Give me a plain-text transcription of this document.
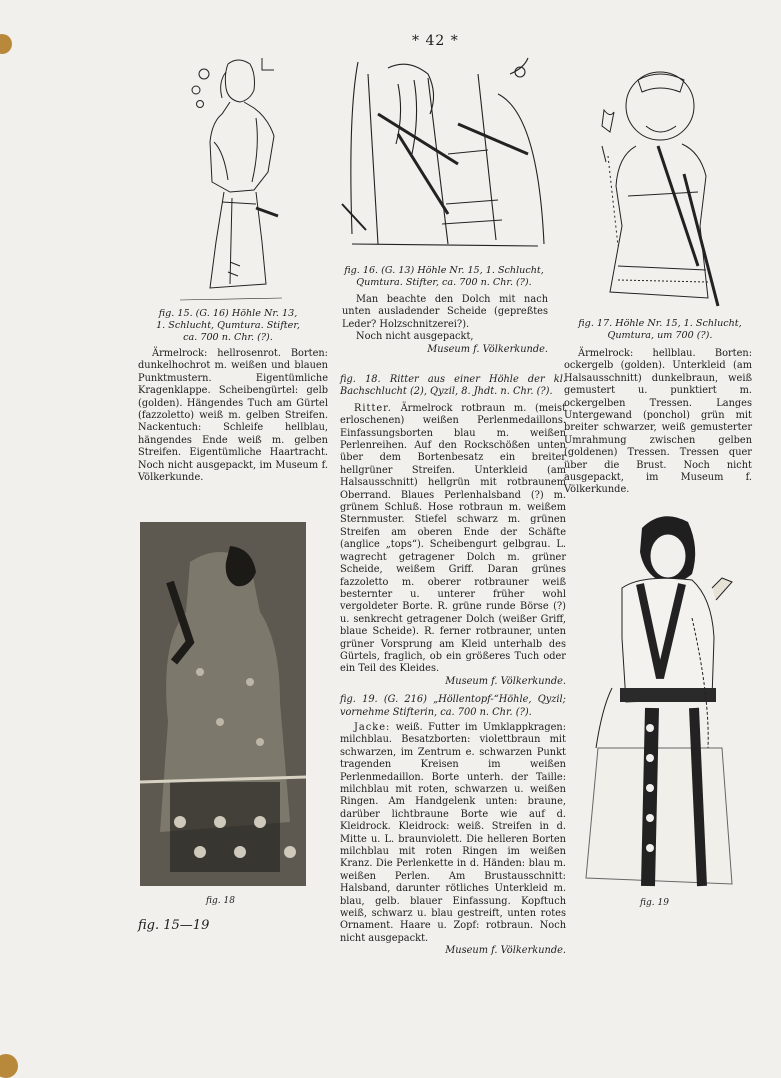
* 42 *
fig. 15. (G. 16) Höhle Nr. 13,
1. Schlucht, Qumtura. Stifter,
ca. 700 n. Chr. (?).

Ärmelrock: hellrosenrot. Borten: dunkelhochrot m. weißen und blauen Punktmustern. Eigentümliche Kragenklappe. Scheibengürtel: gelb (golden). Hängendes Tuch am Gürtel (fazzoletto) weiß m. gelben Streifen. Nackentuch: Schleife hellblau, hängendes Ende weiß m. gelben Streifen. Eigentümliche Haartracht. Noch nicht ausgepackt, im Museum f. Völkerkunde.

fig. 16. (G. 13) Höhle Nr. 15, 1. Schlucht,
Qumtura. Stifter, ca. 700 n. Chr. (?).

Man beachte den Dolch mit nach unten ausladender Scheide (gepreßtes Leder? Holzschnitzerei?).

Noch nicht ausgepackt,
Museum f. Völkerkunde.

fig. 18. Ritter aus einer Höhle der kl. Bachschlucht (2), Qyzil, 8. Jhdt. n. Chr. (?).

Ritter. Ärmelrock rotbraun m. (meist erloschenen) weißen Perlenmedaillons. Einfassungsborten blau m. weißen Perlenreihen. Auf den Rockschößen unten über dem Bortenbesatz ein breiter hellgrüner Streifen. Unterkleid (am Halsausschnitt) hellgrün mit rotbraunem Oberrand. Blaues Perlenhalsband (?) m. grünem Schluß. Hose rotbraun m. weißem Sternmuster. Stiefel schwarz m. grünen Streifen am oberen Ende der Schäfte (anglice „tops“). Scheibengurt gelbgrau. L. wagrecht getragener Dolch m. grüner Scheide, weißem Griff. Daran grünes fazzoletto m. oberer rotbrauner weiß besternter u. unterer früher wohl vergoldeter Borte. R. grüne runde Börse (?) u. senkrecht getragener Dolch (weißer Griff, blaue Scheide). R. ferner rotbrauner, unten grüner Vorsprung am Kleid unterhalb des Gürtels, fraglich, ob ein größeres Tuch oder ein Teil des Kleides.

Museum f. Völkerkunde.

fig. 19. (G. 216) „Höllentopf-“Höhle, Qyzil; vornehme Stifterin, ca. 700 n. Chr. (?).

Jacke: weiß. Futter im Umklappkragen: milchblau. Besatzborten: violettbraun mit schwarzen, im Zentrum e. schwarzen Punkt tragenden Kreisen im weißen Perlenmedaillon. Borte unterh. der Taille: milchblau mit roten, schwarzen u. weißen Ringen. Am Handgelenk unten: braune, darüber lichtbraune Borte wie auf d. Kleidrock. Kleidrock: weiß. Streifen in d. Mitte u. L. braunviolett. Die helleren Borten milchblau mit roten Ringen im weißen Kranz. Die Perlenkette in d. Händen: blau m. weißen Perlen. Am Brustausschnitt: Halsband, darunter rötliches Unterkleid m. blau, gelb. blauer Einfassung. Kopftuch weiß, schwarz u. blau gestreift, unten rotes Ornament. Haare u. Zopf: rotbraun. Noch nicht ausgepackt.

Museum f. Völkerkunde.

fig. 17. Höhle Nr. 15, 1. Schlucht, Qumtura, um 700 (?).

Ärmelrock: hellblau. Borten: ockergelb (golden). Unterkleid (am Halsausschnitt) dunkelbraun, weiß gemustert u. punktiert m. ockergelben Tressen. Langes Untergewand (ponchol) grün mit breiter schwarzer, weiß gemusterter Umrahmung zwischen gelben (goldenen) Tressen. Tressen quer über die Brust. Noch nicht ausgepackt, im Museum f. Völkerkunde.

fig. 18	fig. 19
fig. 15—19
